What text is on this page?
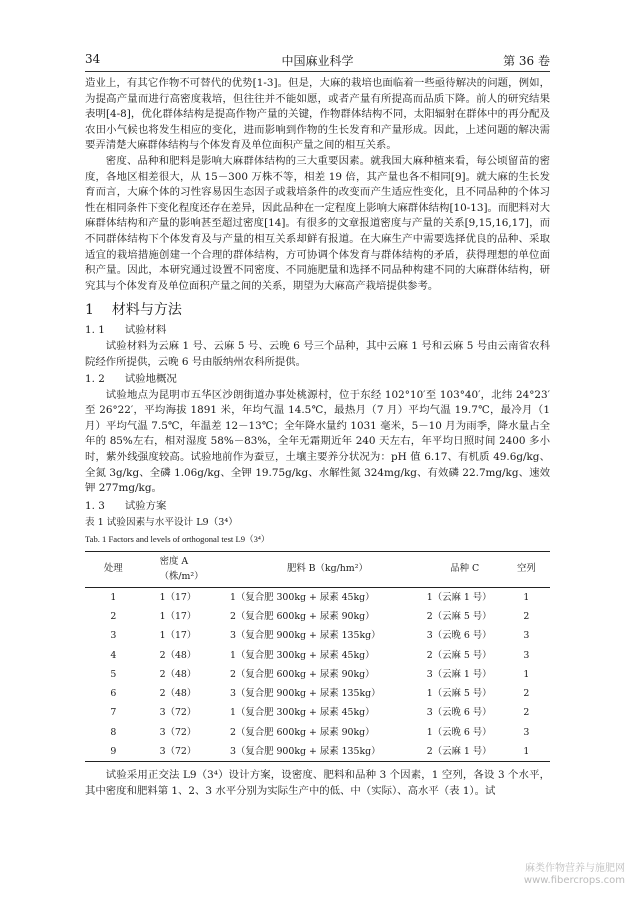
34	中国麻业科学	第 36 卷

造业上，有其它作物不可替代的优势[1-3]。但是，大麻的栽培也面临着一些亟待解决的问题，例如，为提高产量而进行高密度栽培，但往往并不能如愿，或者产量有所提高而品质下降。前人的研究结果表明[4-8]，优化群体结构是提高作物产量的关键，作物群体结构不同，太阳辐射在群体中的再分配及农田小气候也将发生相应的变化，进而影响到作物的生长发育和产量形成。因此，上述问题的解决需要弄清楚大麻群体结构与个体发育及单位面积产量之间的相互关系。

密度、品种和肥料是影响大麻群体结构的三大重要因素。就我国大麻种植来看，每公顷留苗的密度，各地区相差很大，从 15－300 万株不等，相差 19 倍，其产量也各不相同[9]。就大麻的生长发育而言，大麻个体的习性容易因生态因子或栽培条件的改变而产生适应性变化，且不同品种的个体习性在相同条件下变化程度还存在差异，因此品种在一定程度上影响大麻群体结构[10-13]。而肥料对大麻群体结构和产量的影响甚至超过密度[14]。有很多的文章报道密度与产量的关系[9,15,16,17]，而不同群体结构下个体发育及与产量的相互关系却鲜有报道。在大麻生产中需要选择优良的品种、采取适宜的栽培措施创建一个合理的群体结构，方可协调个体发育与群体结构的矛盾，获得理想的单位面积产量。因此，本研究通过设置不同密度、不同施肥量和选择不同品种构建不同的大麻群体结构，研究其与个体发育及单位面积产量之间的关系，期望为大麻高产栽培提供参考。

1 材料与方法
1. 1 试验材料

试验材料为云麻 1 号、云麻 5 号、云晚 6 号三个品种，其中云麻 1 号和云麻 5 号由云南省农科院经作所提供，云晚 6 号由版纳州农科所提供。

1. 2 试验地概况

试验地点为昆明市五华区沙朗街道办事处桃源村，位于东经 102°10′至 103°40′，北纬 24°23′至 26°22′，平均海拔 1891 米，年均气温 14.5℃，最热月（7 月）平均气温 19.7℃，最冷月（1 月）平均气温 7.5℃，年温差 12－13℃；全年降水量约 1031 毫米，5－10 月为雨季，降水量占全年的 85%左右，相对湿度 58%－83%，全年无霜期近年 240 天左右，年平均日照时间 2400 多小时，紫外线强度较高。试验地前作为蚕豆，土壤主要养分状况为：pH 值 6.17、有机质 49.6g/kg、全氮 3g/kg、全磷 1.06g/kg、全钾 19.75g/kg、水解性氮 324mg/kg、有效磷 22.7mg/kg、速效钾 277mg/kg。

1. 3 试验方案
表 1 试验因素与水平设计 L9（3⁴）
Tab. 1 Factors and levels of orthogonal test L9（3⁴）
处理	密度 A（株/m²）	肥料 B（kg/hm²）	品种 C	空列
1	1（17）	1（复合肥 300kg + 尿素 45kg）	1（云麻 1 号）	1
2	1（17）	2（复合肥 600kg + 尿素 90kg）	2（云麻 5 号）	2
3	1（17）	3（复合肥 900kg + 尿素 135kg）	3（云晚 6 号）	3
4	2（48）	1（复合肥 300kg + 尿素 45kg）	2（云麻 5 号）	3
5	2（48）	2（复合肥 600kg + 尿素 90kg）	3（云麻 1 号）	1
6	2（48）	3（复合肥 900kg + 尿素 135kg）	1（云麻 5 号）	2
7	3（72）	1（复合肥 300kg + 尿素 45kg）	3（云晚 6 号）	2
8	3（72）	2（复合肥 600kg + 尿素 90kg）	1（云晚 6 号）	3
9	3（72）	3（复合肥 900kg + 尿素 135kg）	2（云麻 1 号）	1

试验采用正交法 L9（3⁴）设计方案，设密度、肥料和品种 3 个因素，1 空列，各设 3 个水平，其中密度和肥料第 1、2、3 水平分别为实际生产中的低、中（实际）、高水平（表 1）。试

麻类作物营养与施肥网
www.fibercrops.com
